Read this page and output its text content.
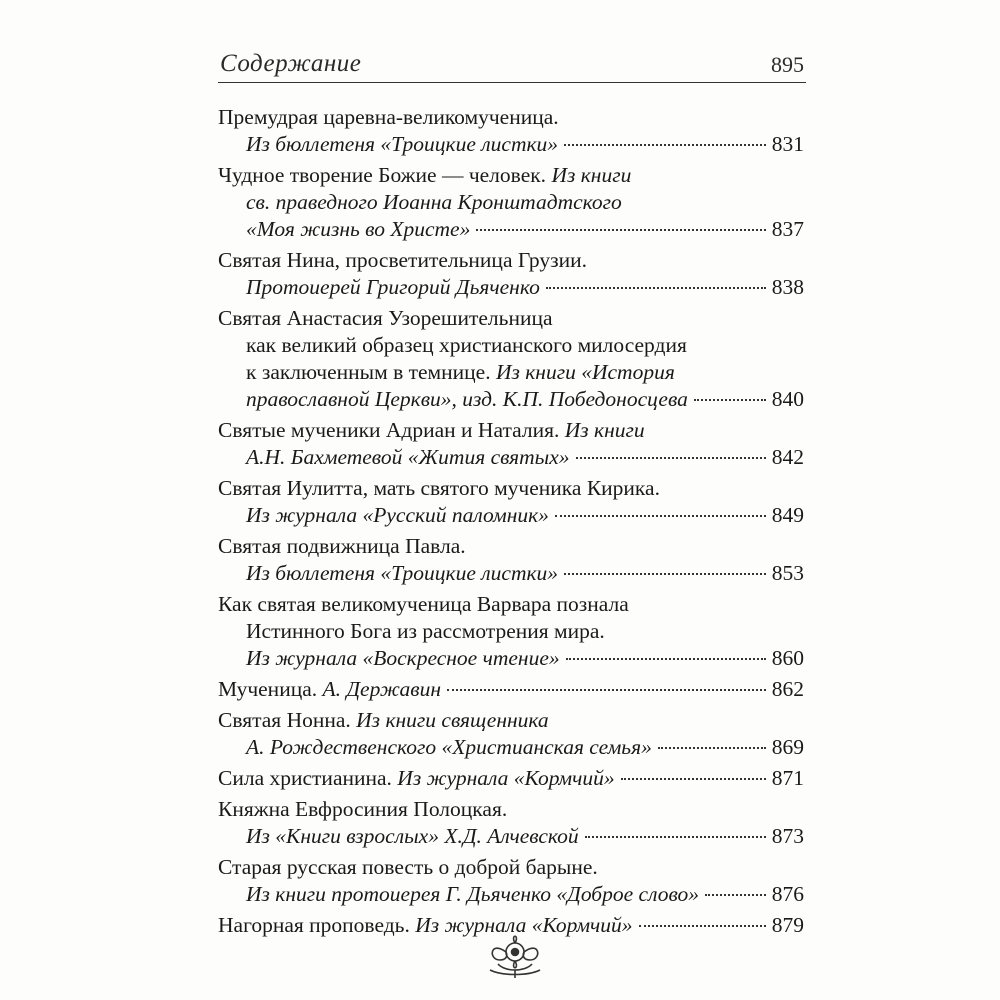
Содержание	895
Премудрая царевна-великомученица.
Из бюллетеня «Троицкие листки»	831
Чудное творение Божие — человек. Из книги
св. праведного Иоанна Кронштадтского
«Моя жизнь во Христе»	837
Святая Нина, просветительница Грузии.
Протоиерей Григорий Дьяченко	838
Святая Анастасия Узорешительница
как великий образец христианского милосердия
к заключенным в темнице. Из книги «История
православной Церкви», изд. К.П. Победоносцева	840
Святые мученики Адриан и Наталия. Из книги
А.Н. Бахметевой «Жития святых»	842
Святая Иулитта, мать святого мученика Кирика.
Из журнала «Русский паломник»	849
Святая подвижница Павла.
Из бюллетеня «Троицкие листки»	853
Как святая великомученица Варвара познала
Истинного Бога из рассмотрения мира.
Из журнала «Воскресное чтение»	860
Мученица. А. Державин	862
Святая Нонна. Из книги священника
А. Рождественского «Христианская семья»	869
Сила христианина. Из журнала «Кормчий»	871
Княжна Евфросиния Полоцкая.
Из «Книги взрослых» Х.Д. Алчевской	873
Старая русская повесть о доброй барыне.
Из книги протоиерея Г. Дьяченко «Доброе слово»	876
Нагорная проповедь. Из журнала «Кормчий»	879
